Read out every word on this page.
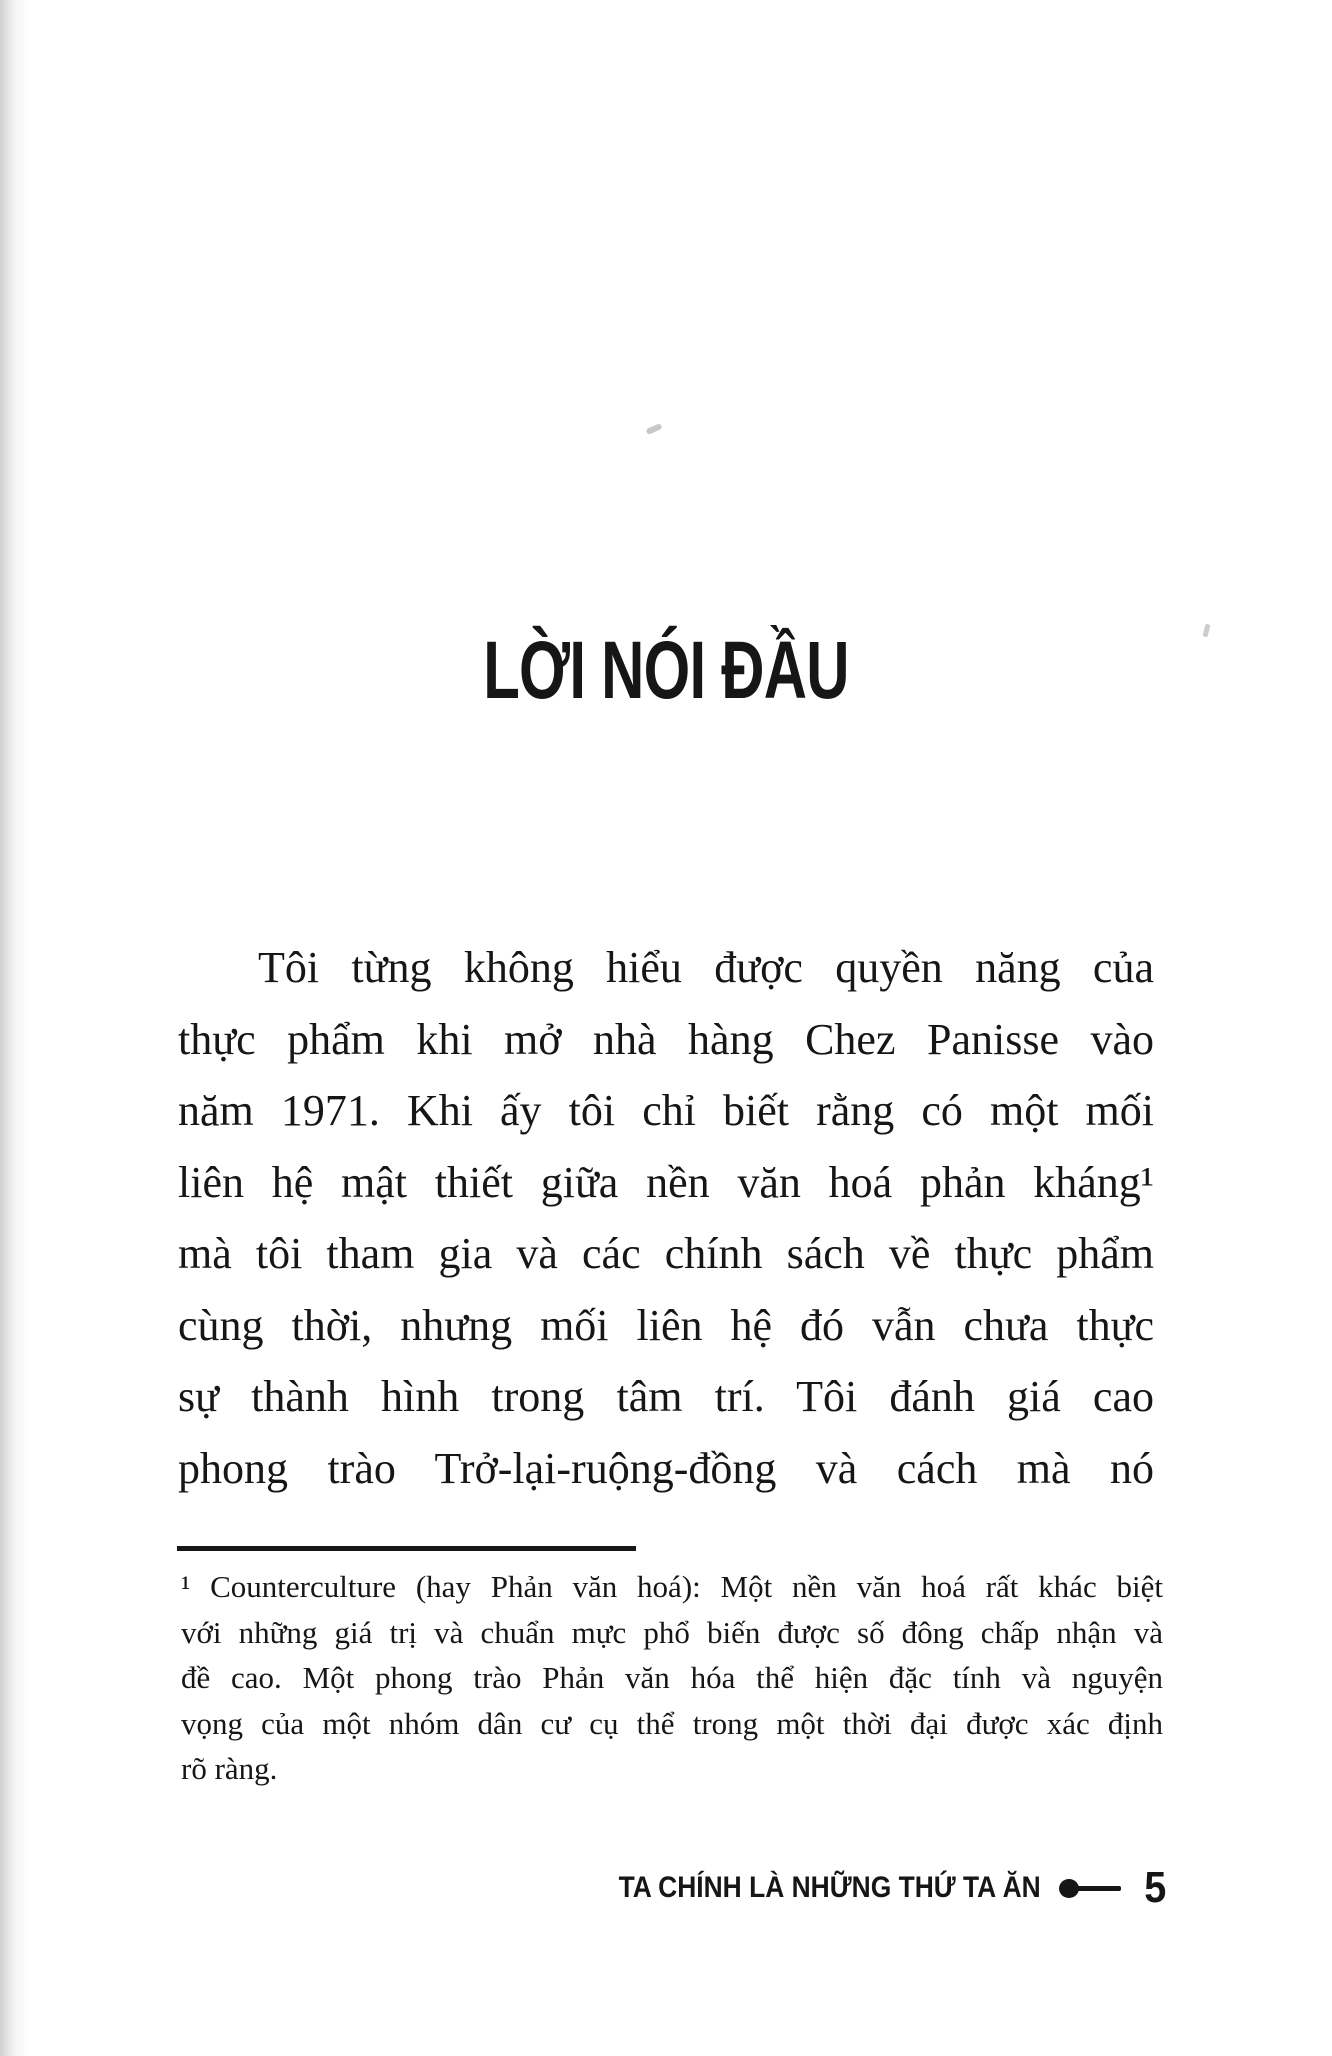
LỜI NÓI ĐẦU
Tôi từng không hiểu được quyền năng của
thực phẩm khi mở nhà hàng Chez Panisse vào
năm 1971. Khi ấy tôi chỉ biết rằng có một mối
liên hệ mật thiết giữa nền văn hoá phản kháng¹
mà tôi tham gia và các chính sách về thực phẩm
cùng thời, nhưng mối liên hệ đó vẫn chưa thực
sự thành hình trong tâm trí. Tôi đánh giá cao
phong trào Trở-lại-ruộng-đồng và cách mà nó
¹ Counterculture (hay Phản văn hoá): Một nền văn hoá rất khác biệt
với những giá trị và chuẩn mực phổ biến được số đông chấp nhận và
đề cao. Một phong trào Phản văn hóa thể hiện đặc tính và nguyện
vọng của một nhóm dân cư cụ thể trong một thời đại được xác định
rõ ràng.
TA CHÍNH LÀ NHỮNG THỨ TA ĂN 5
